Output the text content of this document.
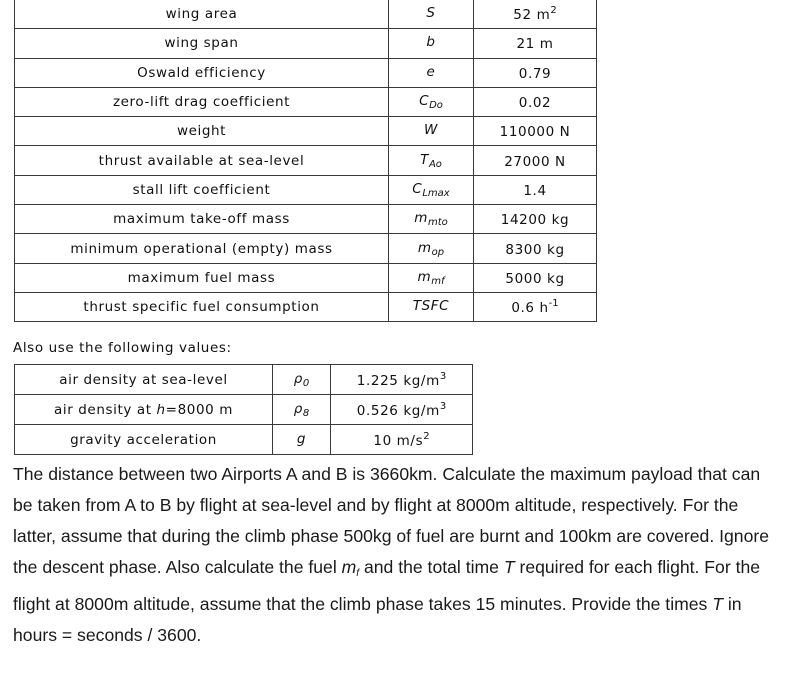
wing area	S	52 $m^2$
wing span	b	21 m
Oswald efficiency	e	0.79
zero-lift drag coefficient	$C_{Do}$	0.02
weight	W	110000 N
thrust available at sea-level	$T_{Ao}$	27000 N
stall lift coefficient	$C_{Lmax}$	1.4
maximum take-off mass	$m_{mto}$	14200 kg
minimum operational (empty) mass	$m_{op}$	8300 kg
maximum fuel mass	$m_{mf}$	5000 kg
thrust specific fuel consumption	TSFC	0.6 $h^{-1}$
Also use the following values:
air density at sea-level	$\rho_0$	1.225 $kg/m^3$
air density at h=8000 m	$\rho_8$	0.526 $kg/m^3$
gravity acceleration	g	10 $m/s^2$

The distance between two Airports A and B is 3660km. Calculate the maximum payload that can be taken from A to B by flight at sea-level and by flight at 8000m altitude, respectively. For the latter, assume that during the climb phase 500kg of fuel are burnt and 100km are covered. Ignore the descent phase. Also calculate the fuel $m_f$ and the total time T required for each flight. For the flight at 8000m altitude, assume that the climb phase takes 15 minutes. Provide the times T in hours = seconds / 3600.
